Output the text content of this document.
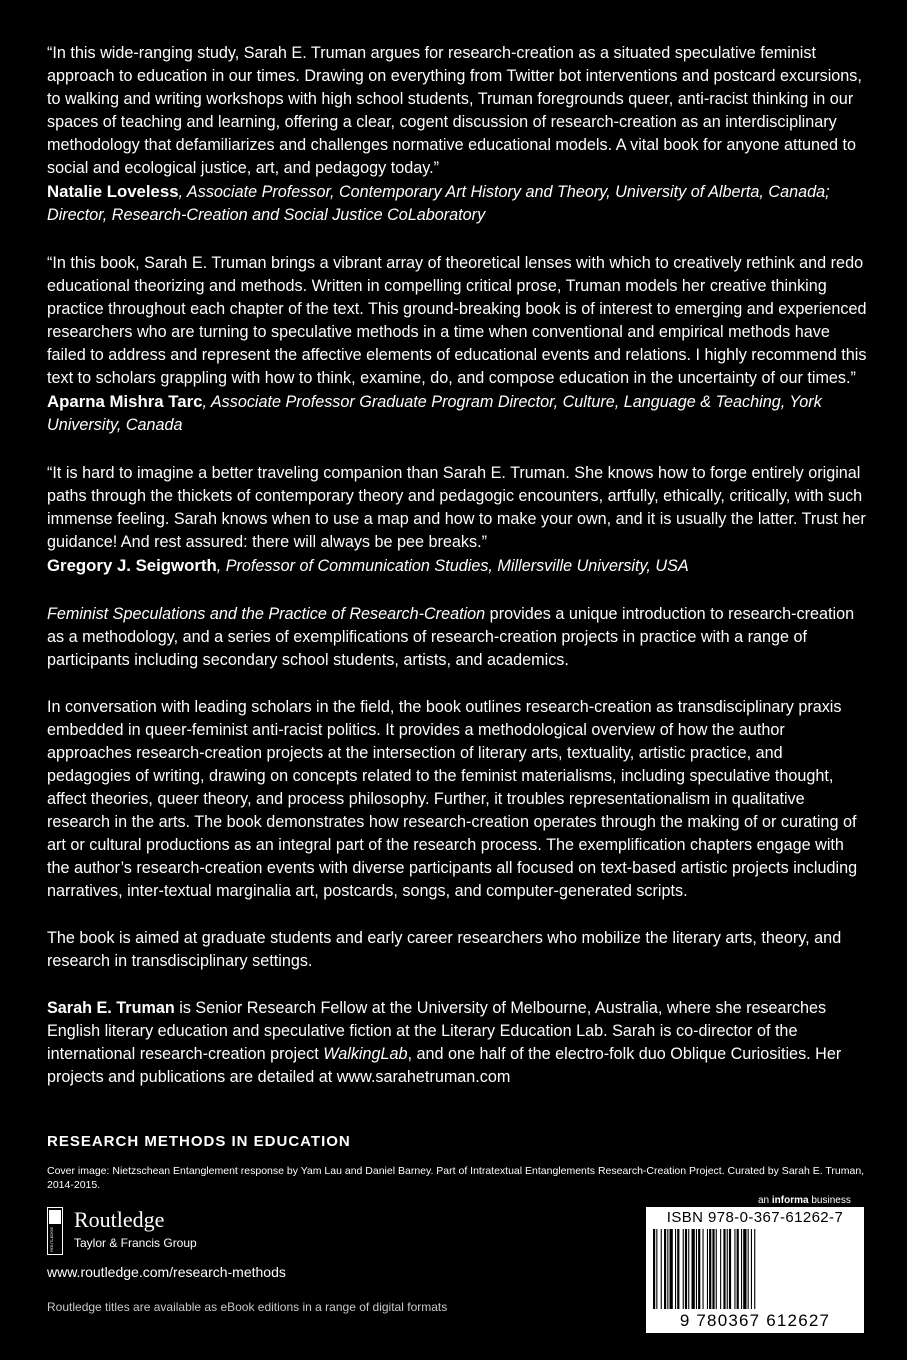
“In this wide-ranging study, Sarah E. Truman argues for research-creation as a situated speculative feminist approach to education in our times. Drawing on everything from Twitter bot interventions and postcard excursions, to walking and writing workshops with high school students, Truman foregrounds queer, anti-racist thinking in our spaces of teaching and learning, offering a clear, cogent discussion of research-creation as an interdisciplinary methodology that defamiliarizes and challenges normative educational models. A vital book for anyone attuned to social and ecological justice, art, and pedagogy today.”

Natalie Loveless, Associate Professor, Contemporary Art History and Theory, University of Alberta, Canada; Director, Research-Creation and Social Justice CoLaboratory

“In this book, Sarah E. Truman brings a vibrant array of theoretical lenses with which to creatively rethink and redo educational theorizing and methods. Written in compelling critical prose, Truman models her creative thinking practice throughout each chapter of the text. This ground-breaking book is of interest to emerging and experienced researchers who are turning to speculative methods in a time when conventional and empirical methods have failed to address and represent the affective elements of educational events and relations. I highly recommend this text to scholars grappling with how to think, examine, do, and compose education in the uncertainty of our times.”

Aparna Mishra Tarc, Associate Professor Graduate Program Director, Culture, Language & Teaching, York University, Canada

“It is hard to imagine a better traveling companion than Sarah E. Truman. She knows how to forge entirely original paths through the thickets of contemporary theory and pedagogic encounters, artfully, ethically, critically, with such immense feeling. Sarah knows when to use a map and how to make your own, and it is usually the latter. Trust her guidance! And rest assured: there will always be pee breaks.”

Gregory J. Seigworth, Professor of Communication Studies, Millersville University, USA

Feminist Speculations and the Practice of Research-Creation provides a unique introduction to research-creation as a methodology, and a series of exemplifications of research-creation projects in practice with a range of participants including secondary school students, artists, and academics.

In conversation with leading scholars in the field, the book outlines research-creation as transdisciplinary praxis embedded in queer-feminist anti-racist politics. It provides a methodological overview of how the author approaches research-creation projects at the intersection of literary arts, textuality, artistic practice, and pedagogies of writing, drawing on concepts related to the feminist materialisms, including speculative thought, affect theories, queer theory, and process philosophy. Further, it troubles representationalism in qualitative research in the arts. The book demonstrates how research-creation operates through the making of or curating of art or cultural productions as an integral part of the research process. The exemplification chapters engage with the author’s research-creation events with diverse participants all focused on text-based artistic projects including narratives, inter-textual marginalia art, postcards, songs, and computer-generated scripts.

The book is aimed at graduate students and early career researchers who mobilize the literary arts, theory, and research in transdisciplinary settings.

Sarah E. Truman is Senior Research Fellow at the University of Melbourne, Australia, where she researches English literary education and speculative fiction at the Literary Education Lab. Sarah is co-director of the international research-creation project WalkingLab, and one half of the electro-folk duo Oblique Curiosities. Her projects and publications are detailed at www.sarahetruman.com

RESEARCH METHODS IN EDUCATION
Cover image: Nietzschean Entanglement response by Yam Lau and Daniel Barney. Part of Intratextual Entanglements Research-Creation Project. Curated by Sarah E. Truman, 2014-2015.
ROUTLEDGE
Routledge
Taylor & Francis Group
www.routledge.com/research-methods
Routledge titles are available as eBook editions in a range of digital formats
an informa business
ISBN 978-0-367-61262-7
9 780367 612627
